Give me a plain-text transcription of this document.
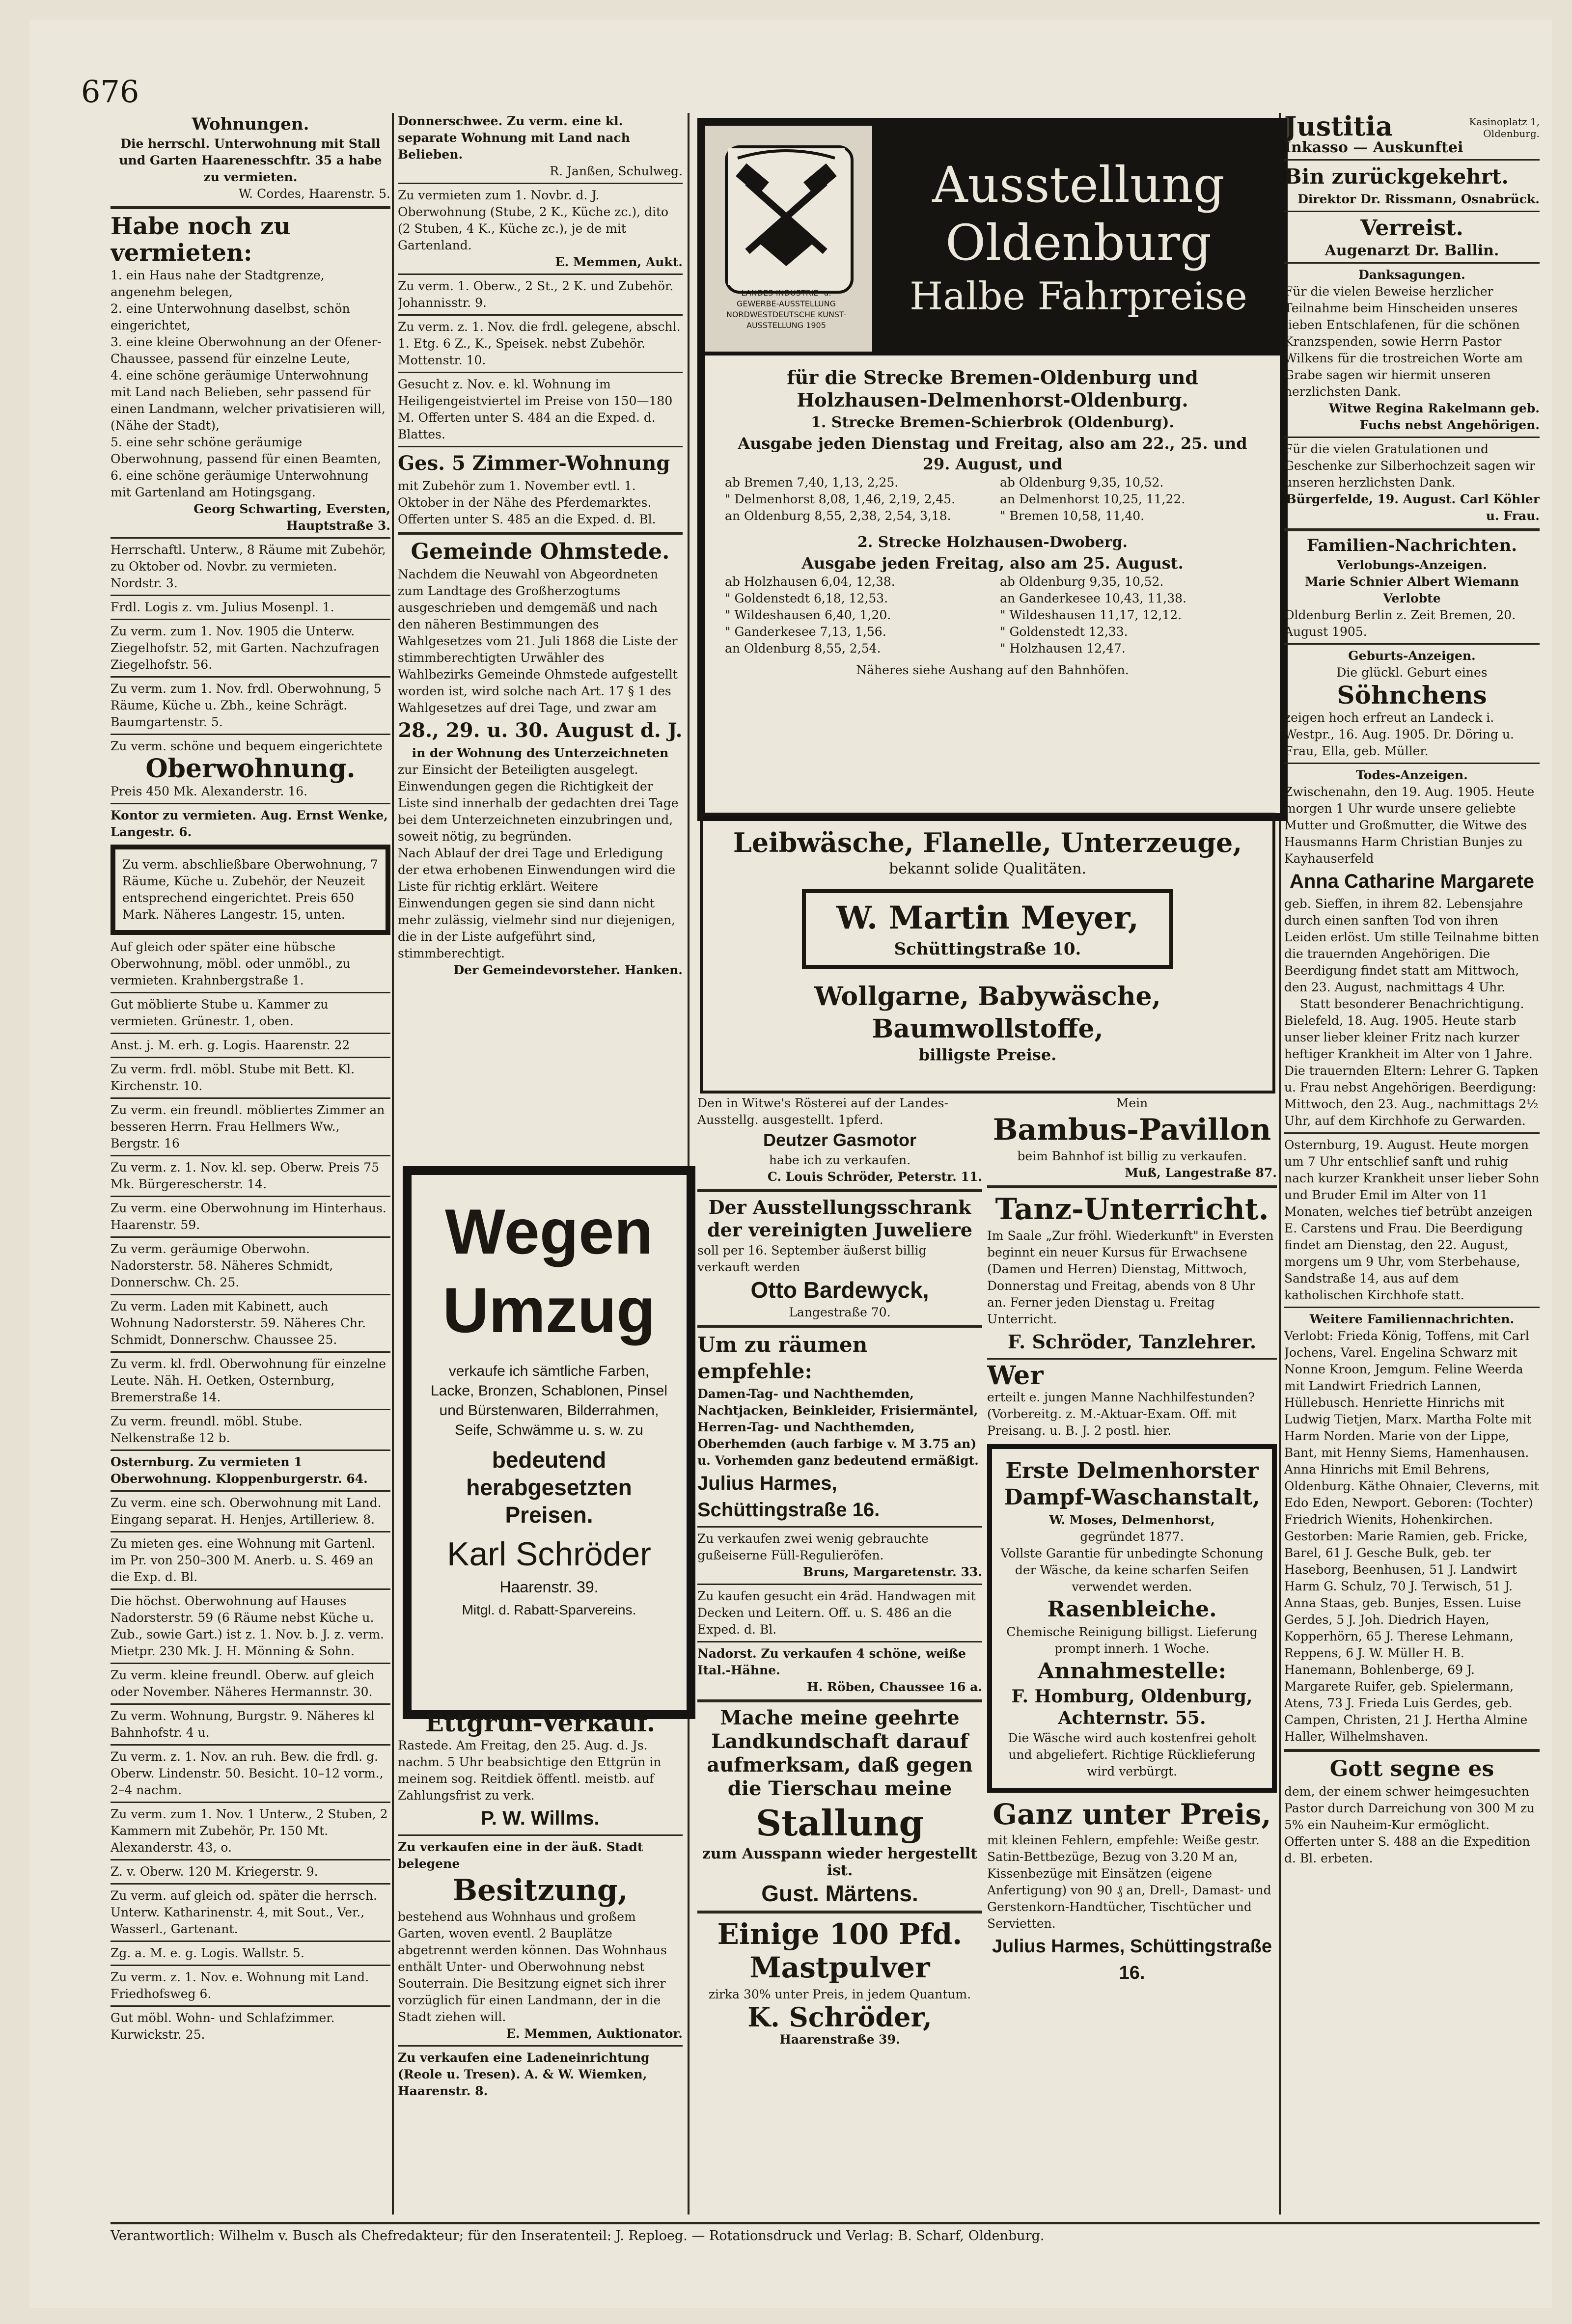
676

Wohnungen.

Die herrschl. Unterwohnung mit Stall und Garten Haarenesschftr. 35 a habe zu vermieten.

W. Cordes, Haarenstr. 5.

Habe noch zu vermieten:

1. ein Haus nahe der Stadtgrenze, angenehm belegen,

2. eine Unterwohnung daselbst, schön eingerichtet,

3. eine kleine Oberwohnung an der Ofener-Chaussee, passend für einzelne Leute,

4. eine schöne geräumige Unterwohnung mit Land nach Belieben, sehr passend für einen Landmann, welcher privatisieren will, (Nähe der Stadt),

5. eine sehr schöne geräumige Oberwohnung, passend für einen Beamten,

6. eine schöne geräumige Unterwohnung mit Gartenland am Hotingsgang.

Georg Schwarting, Eversten, Hauptstraße 3.

Herrschaftl. Unterw., 8 Räume mit Zubehör, zu Oktober od. Novbr. zu vermieten. Nordstr. 3.

Frdl. Logis z. vm. Julius Mosenpl. 1.

Zu verm. zum 1. Nov. 1905 die Unterw. Ziegelhofstr. 52, mit Garten. Nachzufragen Ziegelhofstr. 56.

Zu verm. zum 1. Nov. frdl. Oberwohnung, 5 Räume, Küche u. Zbh., keine Schrägt. Baumgartenstr. 5.

Zu verm. schöne und bequem eingerichtete

Oberwohnung.

Preis 450 Mk. Alexanderstr. 16.

Kontor zu vermieten. Aug. Ernst Wenke, Langestr. 6.

Zu verm. abschließbare Oberwohnung, 7 Räume, Küche u. Zubehör, der Neuzeit entsprechend eingerichtet. Preis 650 Mark. Näheres Langestr. 15, unten.

Auf gleich oder später eine hübsche Oberwohnung, möbl. oder unmöbl., zu vermieten. Krahnbergstraße 1.

Gut möblierte Stube u. Kammer zu vermieten. Grünestr. 1, oben.

Anst. j. M. erh. g. Logis. Haarenstr. 22

Zu verm. frdl. möbl. Stube mit Bett. Kl. Kirchenstr. 10.

Zu verm. ein freundl. möbliertes Zimmer an besseren Herrn. Frau Hellmers Ww., Bergstr. 16

Zu verm. z. 1. Nov. kl. sep. Oberw. Preis 75 Mk. Bürgerescherstr. 14.

Zu verm. eine Oberwohnung im Hinterhaus. Haarenstr. 59.

Zu verm. geräumige Oberwohn. Nadorsterstr. 58. Näheres Schmidt, Donnerschw. Ch. 25.

Zu verm. Laden mit Kabinett, auch Wohnung Nadorsterstr. 59. Näheres Chr. Schmidt, Donnerschw. Chaussee 25.

Zu verm. kl. frdl. Oberwohnung für einzelne Leute. Näh. H. Oetken, Osternburg, Bremerstraße 14.

Zu verm. freundl. möbl. Stube. Nelkenstraße 12 b.

Osternburg. Zu vermieten 1 Oberwohnung. Kloppenburgerstr. 64.

Zu verm. eine sch. Oberwohnung mit Land. Eingang separat. H. Henjes, Artilleriew. 8.

Zu mieten ges. eine Wohnung mit Gartenl. im Pr. von 250–300 M. Anerb. u. S. 469 an die Exp. d. Bl.

Die höchst. Oberwohnung auf Hauses Nadorsterstr. 59 (6 Räume nebst Küche u. Zub., sowie Gart.) ist z. 1. Nov. b. J. z. verm. Mietpr. 230 Mk. J. H. Mönning & Sohn.

Zu verm. kleine freundl. Oberw. auf gleich oder November. Näheres Hermannstr. 30.

Zu verm. Wohnung, Burgstr. 9. Näheres kl Bahnhofstr. 4 u.

Zu verm. z. 1. Nov. an ruh. Bew. die frdl. g. Oberw. Lindenstr. 50. Besicht. 10–12 vorm., 2–4 nachm.

Zu verm. zum 1. Nov. 1 Unterw., 2 Stuben, 2 Kammern mit Zubehör, Pr. 150 Mt. Alexanderstr. 43, o.

Z. v. Oberw. 120 M. Kriegerstr. 9.

Zu verm. auf gleich od. später die herrsch. Unterw. Katharinenstr. 4, mit Sout., Ver., Wasserl., Gartenant.

Zg. a. M. e. g. Logis. Wallstr. 5.

Zu verm. z. 1. Nov. e. Wohnung mit Land. Friedhofsweg 6.

Gut möbl. Wohn- und Schlafzimmer. Kurwickstr. 25.

Donnerschwee. Zu verm. eine kl. separate Wohnung mit Land nach Belieben.

R. Janßen, Schulweg.

Zu vermieten zum 1. Novbr. d. J. Oberwohnung (Stube, 2 K., Küche zc.), dito (2 Stuben, 4 K., Küche zc.), je de mit Gartenland.

E. Memmen, Aukt.

Zu verm. 1. Oberw., 2 St., 2 K. und Zubehör. Johannisstr. 9.

Zu verm. z. 1. Nov. die frdl. gelegene, abschl. 1. Etg. 6 Z., K., Speisek. nebst Zubehör. Mottenstr. 10.

Gesucht z. Nov. e. kl. Wohnung im Heiligengeistviertel im Preise von 150—180 M. Offerten unter S. 484 an die Exped. d. Blattes.

Ges. 5 Zimmer-Wohnung

mit Zubehör zum 1. November evtl. 1. Oktober in der Nähe des Pferdemarktes. Offerten unter S. 485 an die Exped. d. Bl.

Gemeinde Ohmstede.

Nachdem die Neuwahl von Abgeordneten zum Landtage des Großherzogtums ausgeschrieben und demgemäß und nach den näheren Bestimmungen des Wahlgesetzes vom 21. Juli 1868 die Liste der stimmberechtigten Urwähler des Wahlbezirks Gemeinde Ohmstede aufgestellt worden ist, wird solche nach Art. 17 § 1 des Wahlgesetzes auf drei Tage, und zwar am

28., 29. u. 30. August d. J.

in der Wohnung des Unterzeichneten

zur Einsicht der Beteiligten ausgelegt. Einwendungen gegen die Richtigkeit der Liste sind innerhalb der gedachten drei Tage bei dem Unterzeichneten einzubringen und, soweit nötig, zu begründen.

Nach Ablauf der drei Tage und Erledigung der etwa erhobenen Einwendungen wird die Liste für richtig erklärt. Weitere Einwendungen gegen sie sind dann nicht mehr zulässig, vielmehr sind nur diejenigen, die in der Liste aufgeführt sind, stimmberechtigt.

Der Gemeindevorsteher. Hanken.

Wegen

Umzug

verkaufe ich sämtliche Farben, Lacke, Bronzen, Schablonen, Pinsel und Bürstenwaren, Bilderrahmen, Seife, Schwämme u. s. w. zu

bedeutend herabgesetzten Preisen.

Karl Schröder

Haarenstr. 39.

Mitgl. d. Rabatt-Sparvereins.

Ettgrün-Verkauf.

Rastede. Am Freitag, den 25. Aug. d. Js. nachm. 5 Uhr beabsichtige den Ettgrün in meinem sog. Reitdiek öffentl. meistb. auf Zahlungsfrist zu verk.

P. W. Willms.

Zu verkaufen eine in der äuß. Stadt belegene

Besitzung,

bestehend aus Wohnhaus und großem Garten, woven eventl. 2 Bauplätze abgetrennt werden können. Das Wohnhaus enthält Unter- und Oberwohnung nebst Souterrain. Die Besitzung eignet sich ihrer vorzüglich für einen Landmann, der in die Stadt ziehen will.

E. Memmen, Auktionator.

Zu verkaufen eine Ladeneinrichtung (Reole u. Tresen). A. & W. Wiemken, Haarenstr. 8.

LANDES-INDUSTRIE- u. GEWERBE-AUSSTELLUNG NORDWESTDEUTSCHE KUNST-AUSSTELLUNG 1905
Ausstellung
Oldenburg
Halbe Fahrpreise

für die Strecke Bremen-Oldenburg und Holzhausen-Delmenhorst-Oldenburg.

1. Strecke Bremen-Schierbrok (Oldenburg).

Ausgabe jeden Dienstag und Freitag, also am 22., 25. und 29. August, und

ab Bremen 7,40, 1,13, 2,25.	ab Oldenburg 9,35, 10,52.

" Delmenhorst 8,08, 1,46, 2,19, 2,45.	an Delmenhorst 10,25, 11,22.

an Oldenburg 8,55, 2,38, 2,54, 3,18.	" Bremen 10,58, 11,40.

2. Strecke Holzhausen-Dwoberg.

Ausgabe jeden Freitag, also am 25. August.

ab Holzhausen 6,04, 12,38.	ab Oldenburg 9,35, 10,52.

" Goldenstedt 6,18, 12,53.	an Ganderkesee 10,43, 11,38.

" Wildeshausen 6,40, 1,20.	" Wildeshausen 11,17, 12,12.

" Ganderkesee 7,13, 1,56.	" Goldenstedt 12,33.

an Oldenburg 8,55, 2,54.	" Holzhausen 12,47.

Näheres siehe Aushang auf den Bahnhöfen.

Leibwäsche, Flanelle, Unterzeuge,

bekannt solide Qualitäten.

W. Martin Meyer,

Schüttingstraße 10.

Wollgarne, Babywäsche, Baumwollstoffe,

billigste Preise.

Den in Witwe's Rösterei auf der Landes-Ausstellg. ausgestellt. 1pferd.

Deutzer Gasmotor

habe ich zu verkaufen.

C. Louis Schröder, Peterstr. 11.

Der Ausstellungsschrank der vereinigten Juweliere

soll per 16. September äußerst billig verkauft werden

Otto Bardewyck,

Langestraße 70.

Um zu räumen empfehle:

Damen-Tag- und Nachthemden, Nachtjacken, Beinkleider, Frisiermäntel, Herren-Tag- und Nachthemden, Oberhemden (auch farbige v. M 3.75 an) u. Vorhemden ganz bedeutend ermäßigt.

Julius Harmes, Schüttingstraße 16.

Zu verkaufen zwei wenig gebrauchte gußeiserne Füll-Regulieröfen.

Bruns, Margaretenstr. 33.

Zu kaufen gesucht ein 4räd. Handwagen mit Decken und Leitern. Off. u. S. 486 an die Exped. d. Bl.

Nadorst. Zu verkaufen 4 schöne, weiße Ital.-Hähne.

H. Röben, Chaussee 16 a.

Mache meine geehrte Landkundschaft darauf aufmerksam, daß gegen die Tierschau meine

Stallung

zum Ausspann wieder hergestellt ist.

Gust. Märtens.

Einige 100 Pfd. Mastpulver

zirka 30% unter Preis, in jedem Quantum.

K. Schröder,

Haarenstraße 39.

Mein

Bambus-Pavillon

beim Bahnhof ist billig zu verkaufen.

Muß, Langestraße 87.

Tanz-Unterricht.

Im Saale „Zur fröhl. Wiederkunft" in Eversten beginnt ein neuer Kursus für Erwachsene (Damen und Herren) Dienstag, Mittwoch, Donnerstag und Freitag, abends von 8 Uhr an. Ferner jeden Dienstag u. Freitag Unterricht.

F. Schröder, Tanzlehrer.

Wer

erteilt e. jungen Manne Nachhilfestunden? (Vorbereitg. z. M.-Aktuar-Exam. Off. mit Preisang. u. B. J. 2 postl. hier.

Erste Delmenhorster Dampf-Waschanstalt,

W. Moses, Delmenhorst,

gegründet 1877.

Vollste Garantie für unbedingte Schonung der Wäsche, da keine scharfen Seifen verwendet werden.

Rasenbleiche.

Chemische Reinigung billigst. Lieferung prompt innerh. 1 Woche.

Annahmestelle:

F. Homburg, Oldenburg, Achternstr. 55.

Die Wäsche wird auch kostenfrei geholt und abgeliefert. Richtige Rücklieferung wird verbürgt.

Ganz unter Preis,

mit kleinen Fehlern, empfehle: Weiße gestr. Satin-Bettbezüge, Bezug von 3.20 M an, Kissenbezüge mit Einsätzen (eigene Anfertigung) von 90 ₰ an, Drell-, Damast- und Gerstenkorn-Handtücher, Tischtücher und Servietten.

Julius Harmes, Schüttingstraße 16.

Justitia	Kasinoplatz 1, Oldenburg.

Inkasso — Auskunftei

Bin zurückgekehrt.

Direktor Dr. Rissmann, Osnabrück.

Verreist.

Augenarzt Dr. Ballin.

Danksagungen.

Für die vielen Beweise herzlicher Teilnahme beim Hinscheiden unseres lieben Entschlafenen, für die schönen Kranzspenden, sowie Herrn Pastor Wilkens für die trostreichen Worte am Grabe sagen wir hiermit unseren herzlichsten Dank.

Witwe Regina Rakelmann geb. Fuchs nebst Angehörigen.

Für die vielen Gratulationen und Geschenke zur Silberhochzeit sagen wir unseren herzlichsten Dank.

Bürgerfelde, 19. August. Carl Köhler u. Frau.

Familien-Nachrichten.

Verlobungs-Anzeigen.

Marie Schnier Albert Wiemann Verlobte

Oldenburg Berlin z. Zeit Bremen, 20. August 1905.

Geburts-Anzeigen.

Die glückl. Geburt eines

Söhnchens

zeigen hoch erfreut an Landeck i. Westpr., 16. Aug. 1905. Dr. Döring u. Frau, Ella, geb. Müller.

Todes-Anzeigen.

Zwischenahn, den 19. Aug. 1905. Heute morgen 1 Uhr wurde unsere geliebte Mutter und Großmutter, die Witwe des Hausmanns Harm Christian Bunjes zu Kayhauserfeld

Anna Catharine Margarete

geb. Sieffen, in ihrem 82. Lebensjahre durch einen sanften Tod von ihren Leiden erlöst. Um stille Teilnahme bitten die trauernden Angehörigen. Die Beerdigung findet statt am Mittwoch, den 23. August, nachmittags 4 Uhr.

Statt besonderer Benachrichtigung.

Bielefeld, 18. Aug. 1905. Heute starb unser lieber kleiner Fritz nach kurzer heftiger Krankheit im Alter von 1 Jahre. Die trauernden Eltern: Lehrer G. Tapken u. Frau nebst Angehörigen. Beerdigung: Mittwoch, den 23. Aug., nachmittags 2½ Uhr, auf dem Kirchhofe zu Gerwarden.

Osternburg, 19. August. Heute morgen um 7 Uhr entschlief sanft und ruhig nach kurzer Krankheit unser lieber Sohn und Bruder Emil im Alter von 11 Monaten, welches tief betrübt anzeigen E. Carstens und Frau. Die Beerdigung findet am Dienstag, den 22. August, morgens um 9 Uhr, vom Sterbehause, Sandstraße 14, aus auf dem katholischen Kirchhofe statt.

Weitere Familiennachrichten.

Verlobt: Frieda König, Toffens, mit Carl Jochens, Varel. Engelina Schwarz mit Nonne Kroon, Jemgum. Feline Weerda mit Landwirt Friedrich Lannen, Hüllebusch. Henriette Hinrichs mit Ludwig Tietjen, Marx. Martha Folte mit Harm Norden. Marie von der Lippe, Bant, mit Henny Siems, Hamenhausen. Anna Hinrichs mit Emil Behrens, Oldenburg. Käthe Ohnaier, Cleverns, mit Edo Eden, Newport. Geboren: (Tochter) Friedrich Wienits, Hohenkirchen. Gestorben: Marie Ramien, geb. Fricke, Barel, 61 J. Gesche Bulk, geb. ter Haseborg, Beenhusen, 51 J. Landwirt Harm G. Schulz, 70 J. Terwisch, 51 J. Anna Staas, geb. Bunjes, Essen. Luise Gerdes, 5 J. Joh. Diedrich Hayen, Kopperhörn, 65 J. Therese Lehmann, Reppens, 6 J. W. Müller H. B. Hanemann, Bohlenberge, 69 J. Margarete Ruifer, geb. Spielermann, Atens, 73 J. Frieda Luis Gerdes, geb. Campen, Christen, 21 J. Hertha Almine Haller, Wilhelmshaven.

Gott segne es

dem, der einem schwer heimgesuchten Pastor durch Darreichung von 300 M zu 5% ein Nauheim-Kur ermöglicht. Offerten unter S. 488 an die Expedition d. Bl. erbeten.

Verantwortlich: Wilhelm v. Busch als Chefredakteur; für den Inseratenteil: J. Reploeg. — Rotationsdruck und Verlag: B. Scharf, Oldenburg.
